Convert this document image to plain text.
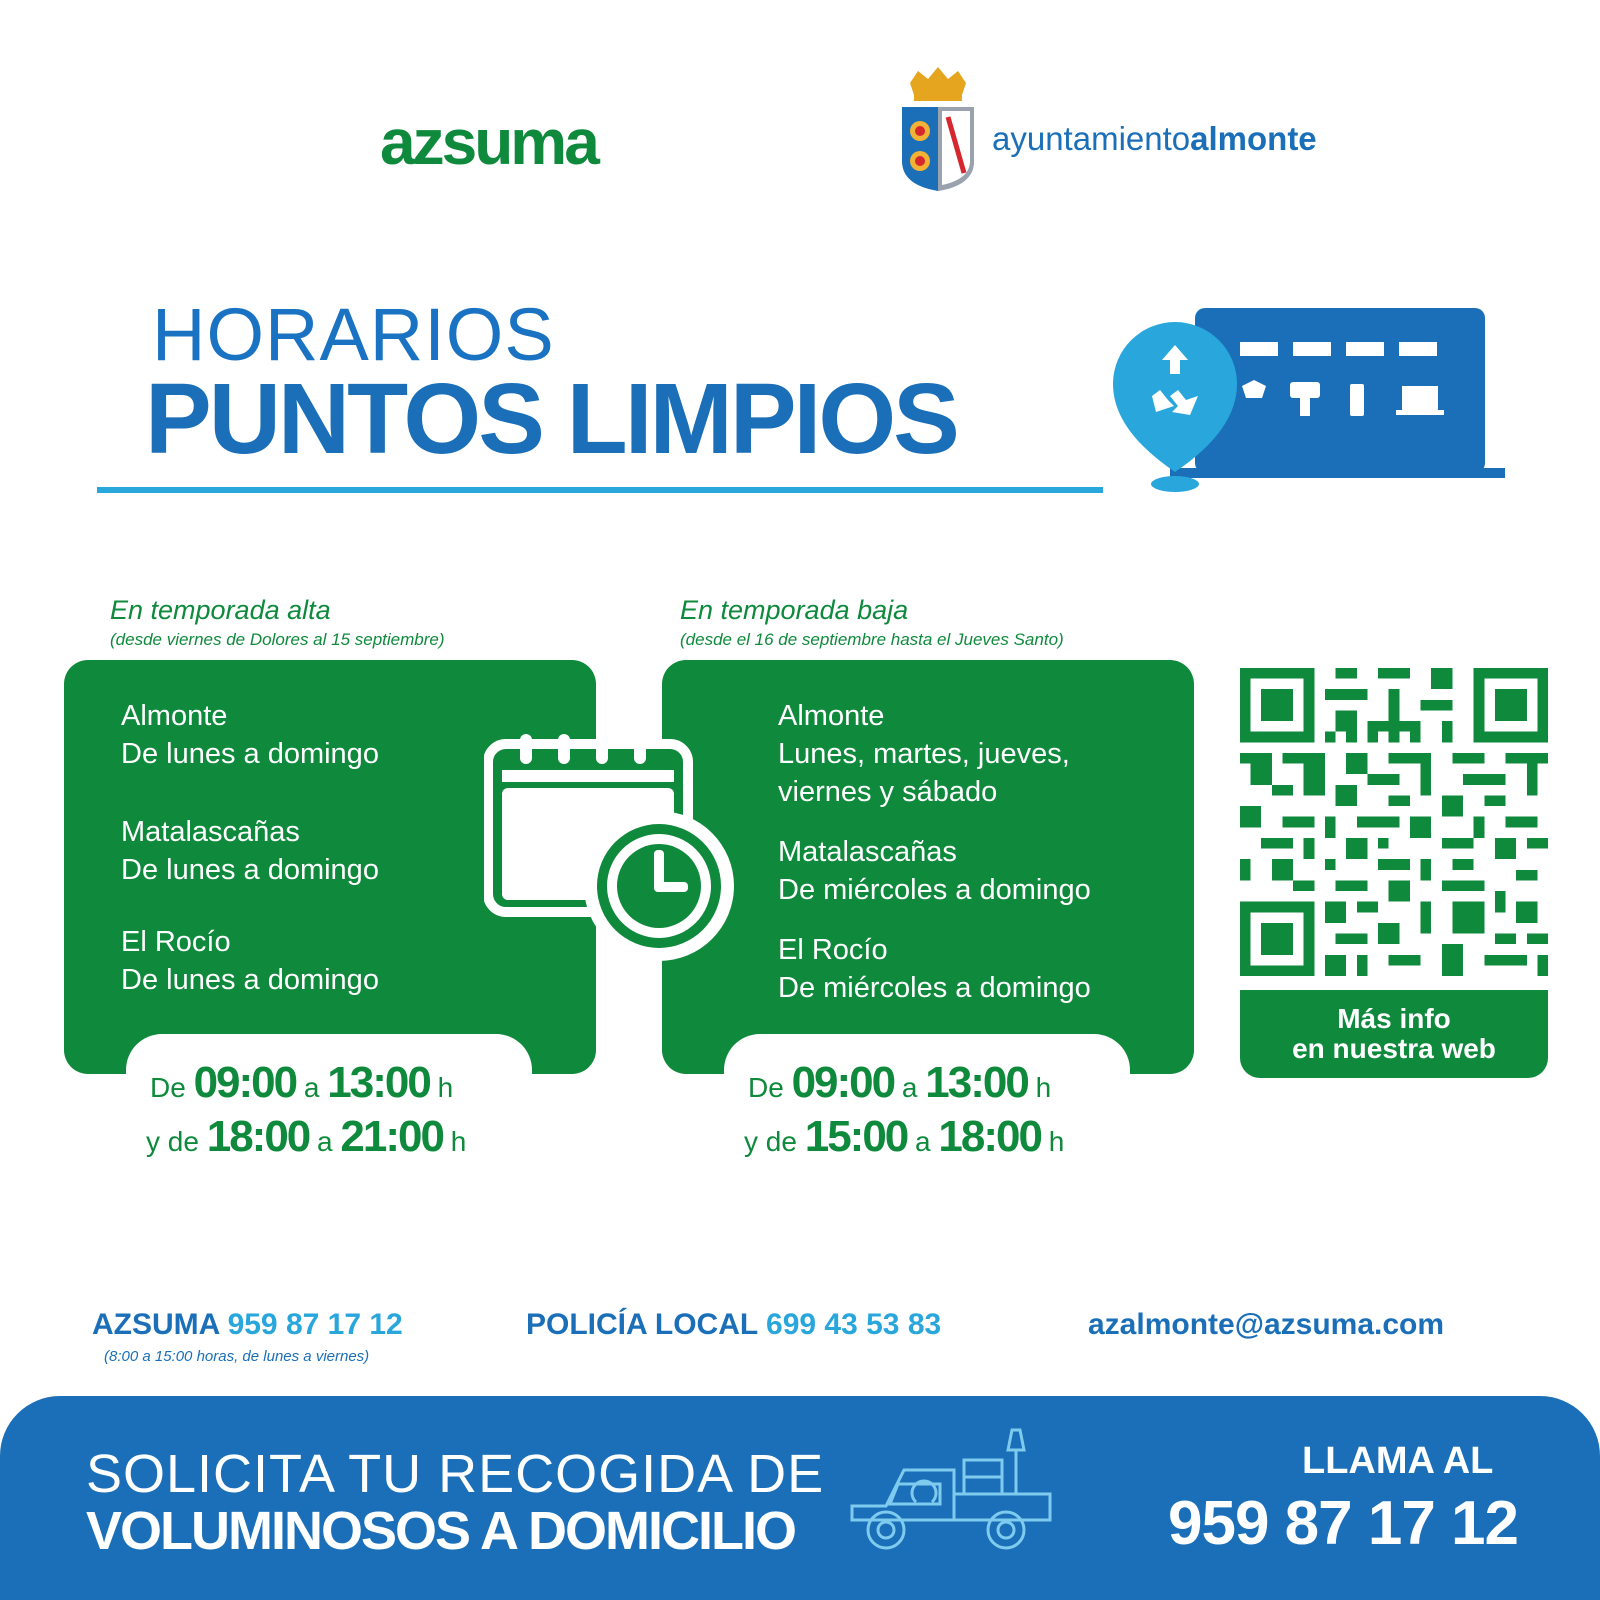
azsuma	ayuntamientoalmonte
HORARIOS
PUNTOS LIMPIOS
En temporada alta
(desde viernes de Dolores al 15 septiembre)
En temporada baja
(desde el 16 de septiembre hasta el Jueves Santo)
Almonte
De lunes a domingo
Matalascañas
De lunes a domingo
El Rocío
De lunes a domingo
De 09:00 a 13:00 h
y de 18:00 a 21:00 h
Almonte
Lunes, martes, jueves,
viernes y sábado
Matalascañas
De miércoles a domingo
El Rocío
De miércoles a domingo
De 09:00 a 13:00 h
y de 15:00 a 18:00 h
Más info
en nuestra web
AZSUMA 959 87 17 12
(8:00 a 15:00 horas, de lunes a viernes)
POLICÍA LOCAL 699 43 53 83	azalmonte@azsuma.com
SOLICITA TU RECOGIDA DE
VOLUMINOSOS A DOMICILIO
LLAMA AL
959 87 17 12
